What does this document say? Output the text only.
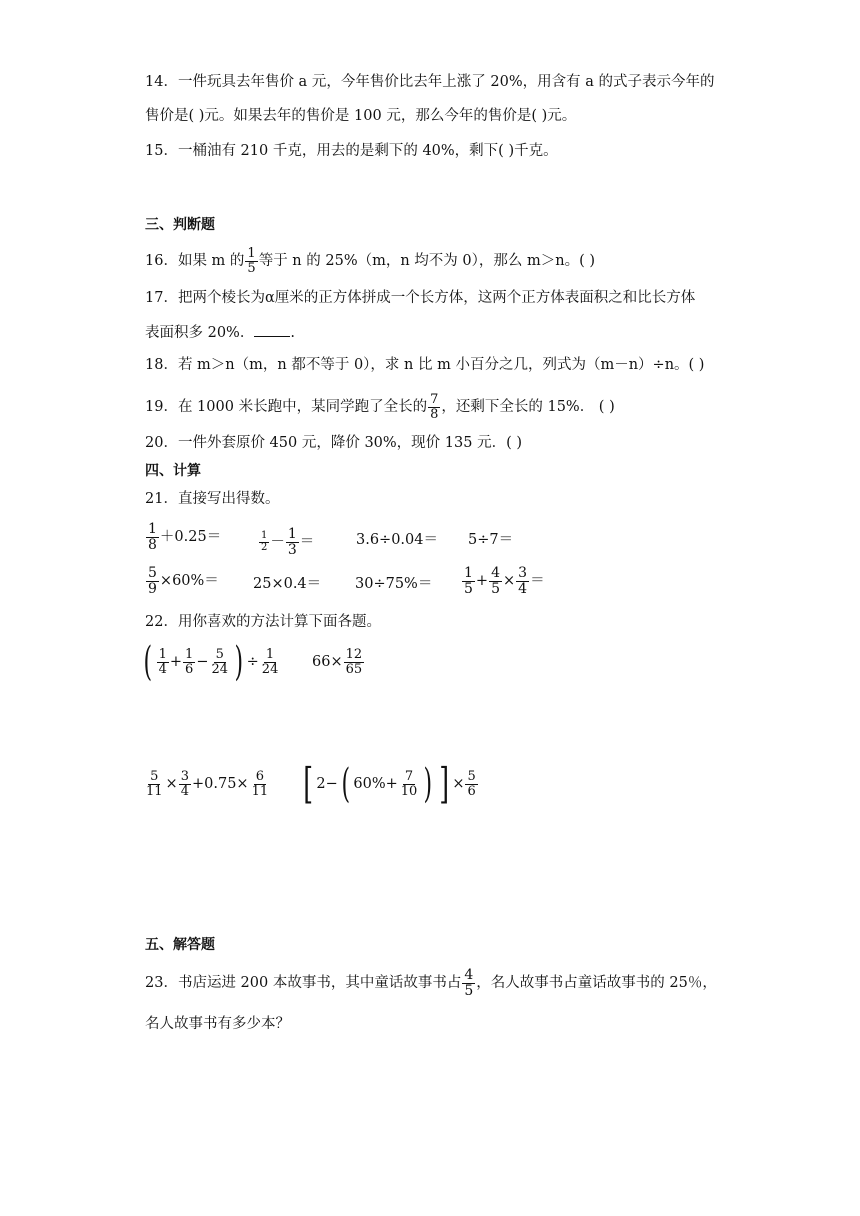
14．一件玩具去年售价 a 元，今年售价比去年上涨了 20%，用含有 a 的式子表示今年的
售价是( )元。如果去年的售价是 100 元，那么今年的售价是( )元。
15．一桶油有 210 千克，用去的是剩下的 40%，剩下( )千克。
三、判断题
16．如果 m 的 $\frac{1}{5}$ 等于 n 的 25%（m，n 均不为 0），那么 m＞n。( )
17．把两个棱长为α厘米的正方体拼成一个长方体，这两个正方体表面积之和比长方体
表面积多 20%． .
18．若 m＞n（m，n 都不等于 0），求 n 比 m 小百分之几，列式为（m－n）÷n。( )
19．在 1000 米长跑中，某同学跑了全长的 $\frac{7}{8}$ ，还剩下全长的 15%． ( )
20．一件外套原价 450 元，降价 30%，现价 135 元．( )
四、计算
21．直接写出得数。
$\frac{1}{8} +0.25=$	$\frac{1}{2} - \frac{1}{3}$ ＝	3.6÷0.04＝ 5÷7＝
$\frac{5}{9} \times 60\%= 25\times 0.4= 30\div 75\%= \frac{1}{5} + \frac{4}{5} \times \frac{3}{4}$ ＝
22．用你喜欢的方法计算下面各题。
( $\frac{1}{4} + \frac{1}{6} - \frac{5}{24}$ ) ÷ $\frac{1}{24} 66\times \frac{12}{65}$
$\frac{5}{11} \times \frac{3}{4} +0.75\times \frac{6}{11}$ [ 2−( $60\%+ \frac{7}{10}$ ) ] × $\frac{5}{6}$
五、解答题
23．书店运进 200 本故事书，其中童话故事书占 $\frac{4}{5}$ ，名人故事书占童话故事书的 25％，
名人故事书有多少本？
